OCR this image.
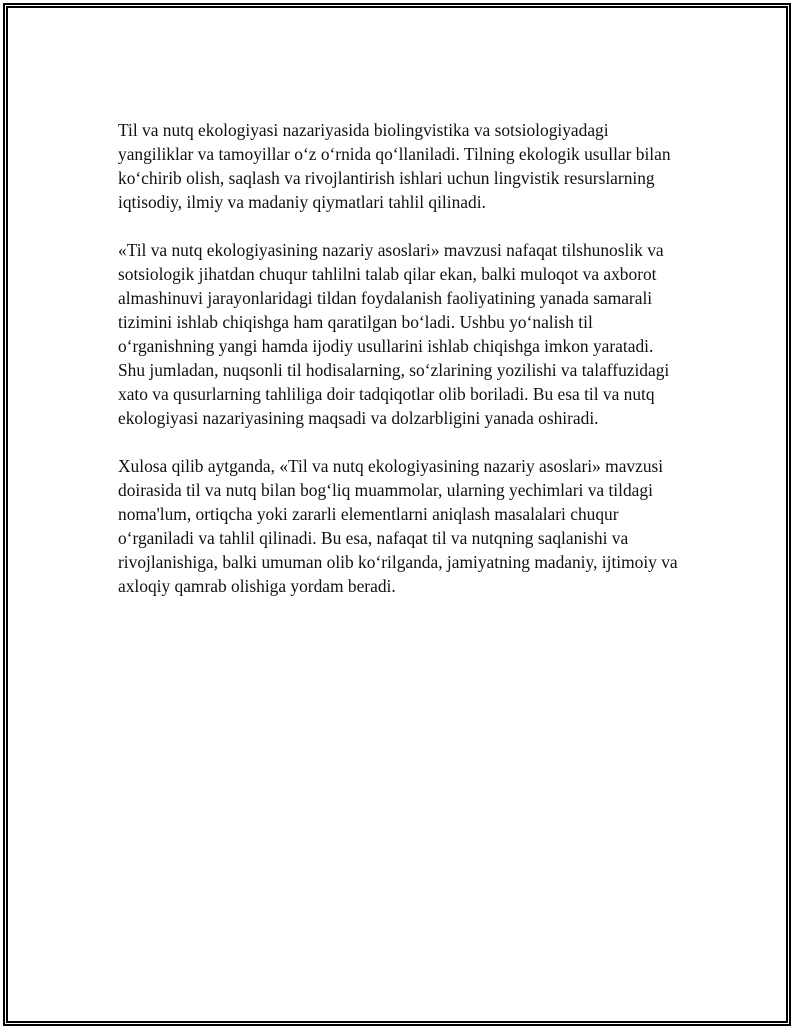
Til va nutq ekologiyasi nazariyasida biolingvistika va sotsiologiyadagi yangiliklar va tamoyillar o‘z o‘rnida qo‘llaniladi. Tilning ekologik usullar bilan ko‘chirib olish, saqlash va rivojlantirish ishlari uchun lingvistik resurslarning iqtisodiy, ilmiy va madaniy qiymatlari tahlil qilinadi.

«Til va nutq ekologiyasining nazariy asoslari» mavzusi nafaqat tilshunoslik va sotsiologik jihatdan chuqur tahlilni talab qilar ekan, balki muloqot va axborot almashinuvi jarayonlaridagi tildan foydalanish faoliyatining yanada samarali tizimini ishlab chiqishga ham qaratilgan bo‘ladi. Ushbu yo‘nalish til o‘rganishning yangi hamda ijodiy usullarini ishlab chiqishga imkon yaratadi. Shu jumladan, nuqsonli til hodisalarning, so‘zlarining yozilishi va talaffuzidagi xato va qusurlarning tahliliga doir tadqiqotlar olib boriladi. Bu esa til va nutq ekologiyasi nazariyasining maqsadi va dolzarbligini yanada oshiradi.

Xulosa qilib aytganda, «Til va nutq ekologiyasining nazariy asoslari» mavzusi doirasida til va nutq bilan bog‘liq muammolar, ularning yechimlari va tildagi noma'lum, ortiqcha yoki zararli elementlarni aniqlash masalalari chuqur o‘rganiladi va tahlil qilinadi. Bu esa, nafaqat til va nutqning saqlanishi va rivojlanishiga, balki umuman olib ko‘rilganda, jamiyatning madaniy, ijtimoiy va axloqiy qamrab olishiga yordam beradi.
